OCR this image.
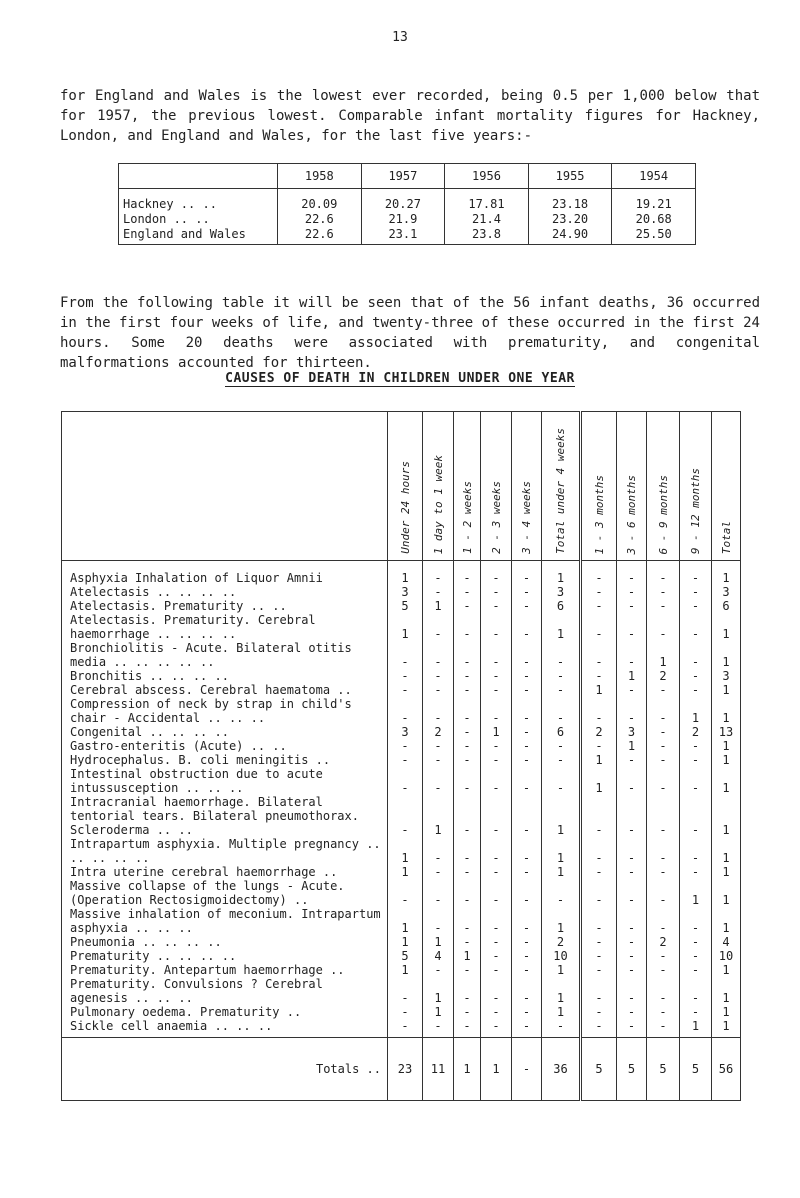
13

for England and Wales is the lowest ever recorded, being 0.5 per 1,000 below that for 1957, the previous lowest. Comparable infant mortality figures for Hackney, London, and England and Wales, for the last five years:-

	1958	1957	1956	1955	1954
Hackney .. ..	20.09	20.27	17.81	23.18	19.21
London .. ..	22.6	21.9	21.4	23.20	20.68
England and Wales	22.6	23.1	23.8	24.90	25.50

From the following table it will be seen that of the 56 infant deaths, 36 occurred in the first four weeks of life, and twenty-three of these occurred in the first 24 hours. Some 20 deaths were associated with prematurity, and congenital malformations accounted for thirteen.

CAUSES OF DEATH IN CHILDREN UNDER ONE YEAR

	Under 24 hours	1 day to 1 week	1 - 2 weeks	2 - 3 weeks	3 - 4 weeks	Total under 4 weeks	1 - 3 months	3 - 6 months	6 - 9 months	9 - 12 months	Total

Asphyxia Inhalation of Liquor Amnii	1	-	-	-	-	1	-	-	-	-	1
Atelectasis .. .. .. ..	3	-	-	-	-	3	-	-	-	-	3
Atelectasis. Prematurity .. ..	5	1	-	-	-	6	-	-	-	-	6
Atelectasis. Prematurity. Cerebral haemorrhage .. .. .. ..	1	-	-	-	-	1	-	-	-	-	1
Bronchiolitis - Acute. Bilateral otitis media .. .. .. .. ..	-	-	-	-	-	-	-	-	1	-	1
Bronchitis .. .. .. ..	-	-	-	-	-	-	-	1	2	-	3
Cerebral abscess. Cerebral haematoma ..	-	-	-	-	-	-	1	-	-	-	1
Compression of neck by strap in child's chair - Accidental .. .. ..	-	-	-	-	-	-	-	-	-	1	1
Congenital .. .. .. ..	3	2	-	1	-	6	2	3	-	2	13
Gastro-enteritis (Acute) .. ..	-	-	-	-	-	-	-	1	-	-	1
Hydrocephalus. B. coli meningitis ..	-	-	-	-	-	-	1	-	-	-	1
Intestinal obstruction due to acute intussusception .. .. ..	-	-	-	-	-	-	1	-	-	-	1
Intracranial haemorrhage. Bilateral tentorial tears. Bilateral pneumothorax. Scleroderma .. ..	-	1	-	-	-	1	-	-	-	-	1
Intrapartum asphyxia. Multiple pregnancy .. .. .. .. ..	1	-	-	-	-	1	-	-	-	-	1
Intra uterine cerebral haemorrhage ..	1	-	-	-	-	1	-	-	-	-	1
Massive collapse of the lungs - Acute. (Operation Rectosigmoidectomy) ..	-	-	-	-	-	-	-	-	-	1	1
Massive inhalation of meconium. Intrapartum asphyxia .. .. ..	1	-	-	-	-	1	-	-	-	-	1
Pneumonia .. .. .. ..	1	1	-	-	-	2	-	-	2	-	4
Prematurity .. .. .. ..	5	4	1	-	-	10	-	-	-	-	10
Prematurity. Antepartum haemorrhage ..	1	-	-	-	-	1	-	-	-	-	1
Prematurity. Convulsions ? Cerebral agenesis .. .. ..	-	1	-	-	-	1	-	-	-	-	1
Pulmonary oedema. Prematurity ..	-	1	-	-	-	1	-	-	-	-	1
Sickle cell anaemia .. .. ..	-	-	-	-	-	-	-	-	-	1	1
Totals ..	23	11	1	1	-	36	5	5	5	5	56
